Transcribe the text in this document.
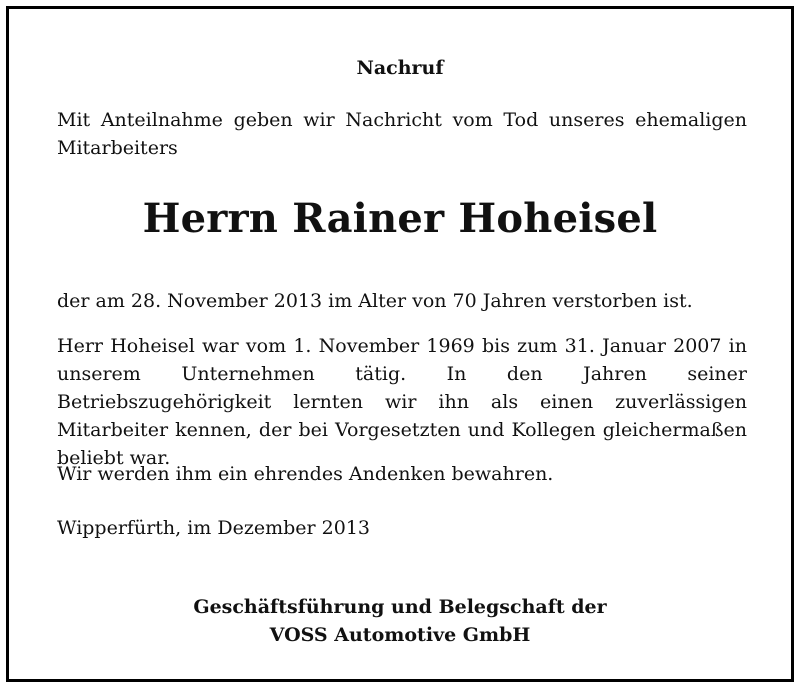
Nachruf

Mit Anteilnahme geben wir Nachricht vom Tod unseres ehemaligen Mitarbeiters

Herrn Rainer Hoheisel

der am 28. November 2013 im Alter von 70 Jahren verstorben ist.

Herr Hoheisel war vom 1. November 1969 bis zum 31. Januar 2007 in unserem Unternehmen tätig. In den Jahren seiner Betriebszugehörigkeit lernten wir ihn als einen zuverlässigen Mitarbeiter kennen, der bei Vorgesetzten und Kollegen gleichermaßen beliebt war.

Wir werden ihm ein ehrendes Andenken bewahren.

Wipperfürth, im Dezember 2013

Geschäftsführung und Belegschaft der
VOSS Automotive GmbH
